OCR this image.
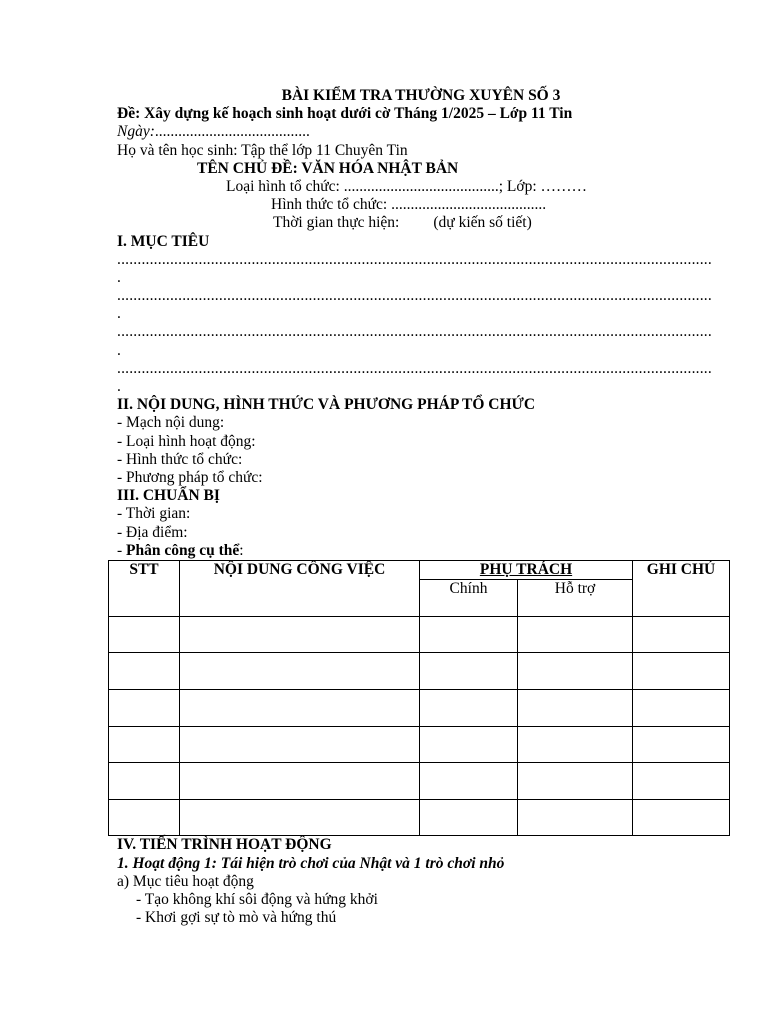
BÀI KIỂM TRA THƯỜNG XUYÊN SỐ 3
Đề: Xây dựng kế hoạch sinh hoạt dưới cờ Tháng 1/2025 – Lớp 11 Tin
Ngày:........................................
Họ và tên học sinh: Tập thể lớp 11 Chuyên Tin
TÊN CHỦ ĐỀ: VĂN HÓA NHẬT BẢN
Loại hình tổ chức: ........................................; Lớp: ………
Hình thức tổ chức: ........................................
Thời gian thực hiện: (dự kiến số tiết)
I. MỤC TIÊU
..................................................................................................................................................
.
..................................................................................................................................................
.
..................................................................................................................................................
.
..................................................................................................................................................
.
II. NỘI DUNG, HÌNH THỨC VÀ PHƯƠNG PHÁP TỔ CHỨC
- Mạch nội dung:
- Loại hình hoạt động:
- Hình thức tổ chức:
- Phương pháp tổ chức:
III. CHUẨN BỊ
- Thời gian:
- Địa điểm:
- Phân công cụ thể:
STT	NỘI DUNG CÔNG VIỆC	PHỤ TRÁCH		GHI CHÚ
		Chính	Hỗ trợ	

IV. TIẾN TRÌNH HOẠT ĐỘNG
1. Hoạt động 1: Tái hiện trò chơi của Nhật và 1 trò chơi nhỏ
a) Mục tiêu hoạt động
- Tạo không khí sôi động và hứng khởi
- Khơi gợi sự tò mò và hứng thú
